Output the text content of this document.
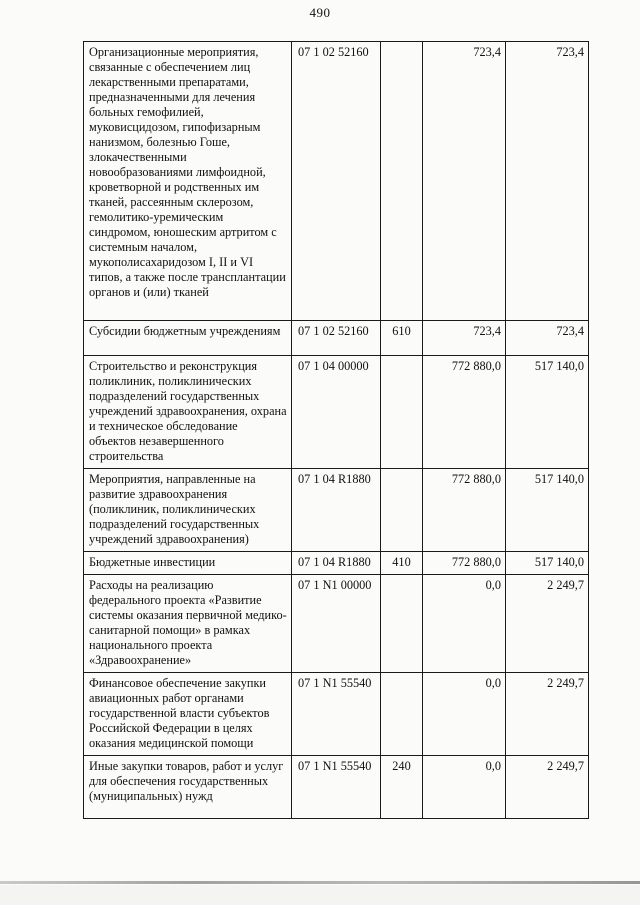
490
Организационные мероприятия, связанные с обеспечением лиц лекарственными препаратами, предназначенными для лечения больных гемофилией, муковисцидозом, гипофизарным нанизмом, болезнью Гоше, злокачественными новообразованиями лимфоидной, кроветворной и родственных им тканей, рассеянным склерозом, гемолитико-уремическим синдромом, юношеским артритом с системным началом, мукополисахаридозом I, II и VI типов, а также после трансплантации органов и (или) тканей	07 1 02 52160		723,4	723,4
Субсидии бюджетным учреждениям	07 1 02 52160	610	723,4	723,4
Строительство и реконструкция поликлиник, поликлинических подразделений государственных учреждений здравоохранения, охрана и техническое обследование объектов незавершенного строительства	07 1 04 00000		772 880,0	517 140,0
Мероприятия, направленные на развитие здравоохранения (поликлиник, поликлинических подразделений государственных учреждений здравоохранения)	07 1 04 R1880		772 880,0	517 140,0
Бюджетные инвестиции	07 1 04 R1880	410	772 880,0	517 140,0
Расходы на реализацию федерального проекта «Развитие системы оказания первичной медико-санитарной помощи» в рамках национального проекта «Здравоохранение»	07 1 N1 00000		0,0	2 249,7
Финансовое обеспечение закупки авиационных работ органами государственной власти субъектов Российской Федерации в целях оказания медицинской помощи	07 1 N1 55540		0,0	2 249,7
Иные закупки товаров, работ и услуг для обеспечения государственных (муниципальных) нужд	07 1 N1 55540	240	0,0	2 249,7
